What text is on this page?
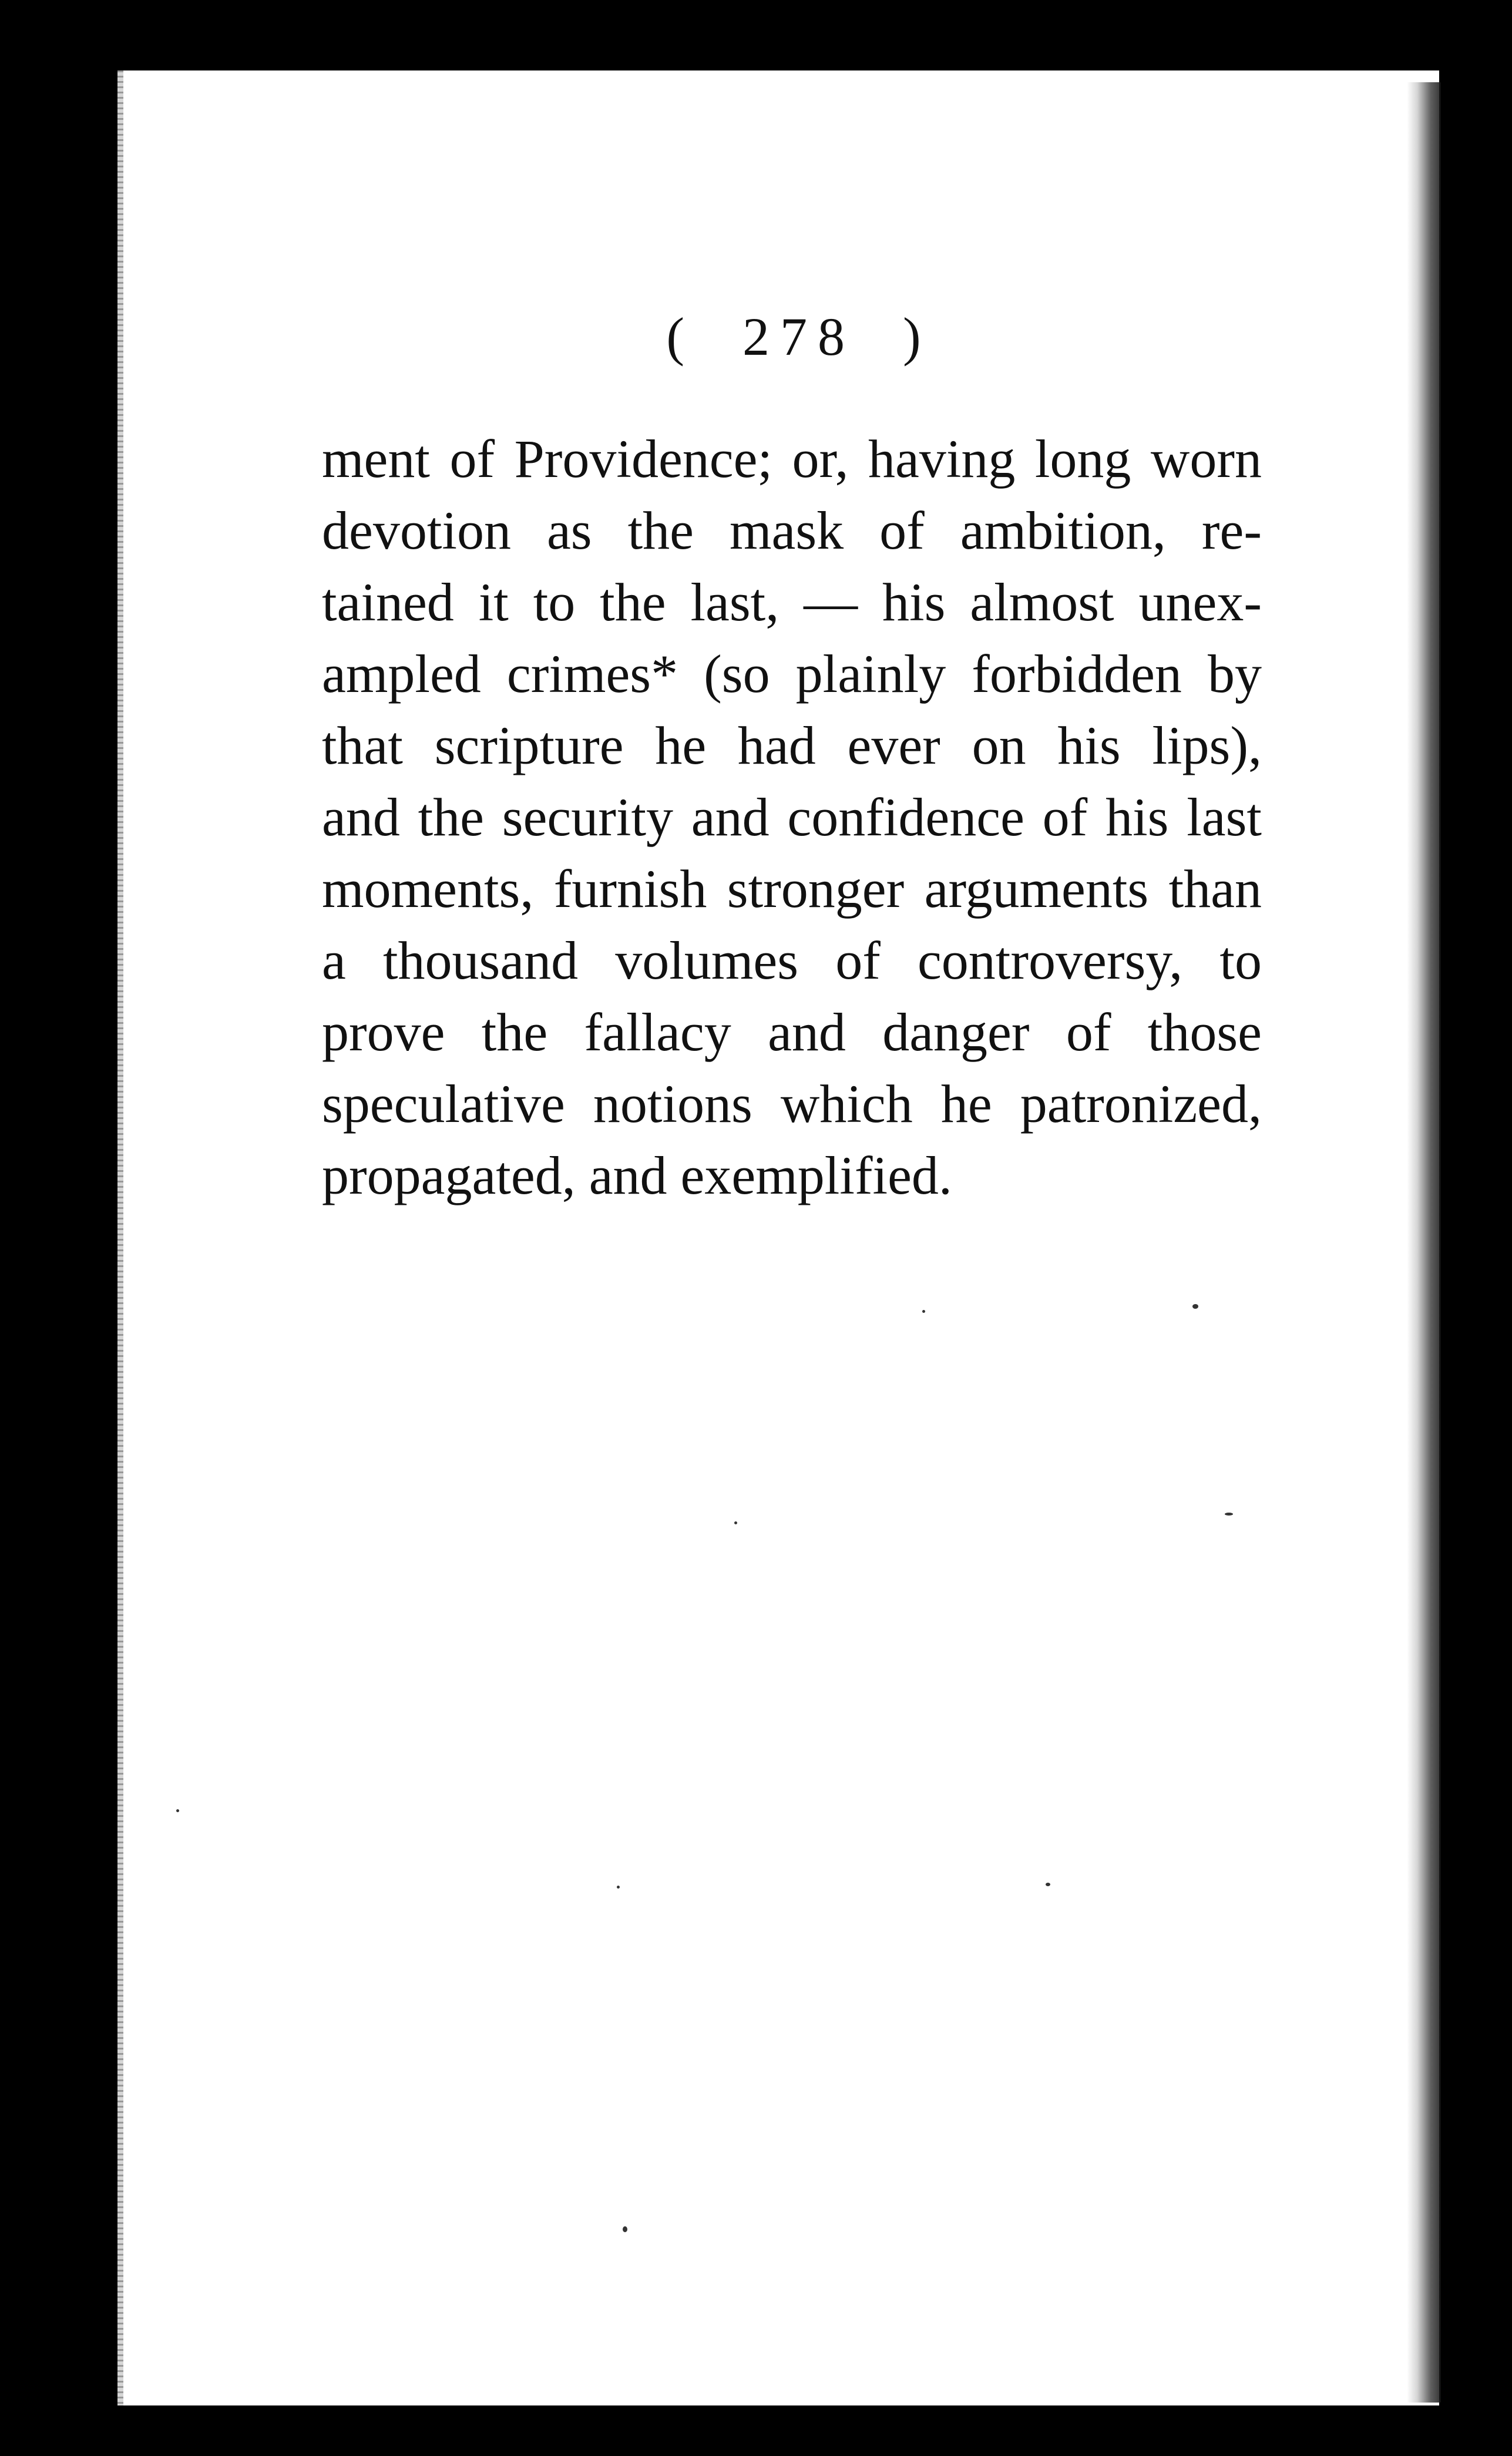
( 278 )
ment of Providence; or, having long worn
devotion as the mask of ambition, re-
tained it to the last, — his almost unex-
ampled crimes* (so plainly forbidden by
that scripture he had ever on his lips),
and the security and confidence of his last
moments, furnish stronger arguments than
a thousand volumes of controversy, to
prove the fallacy and danger of those
speculative notions which he patronized,
propagated, and exemplified.
